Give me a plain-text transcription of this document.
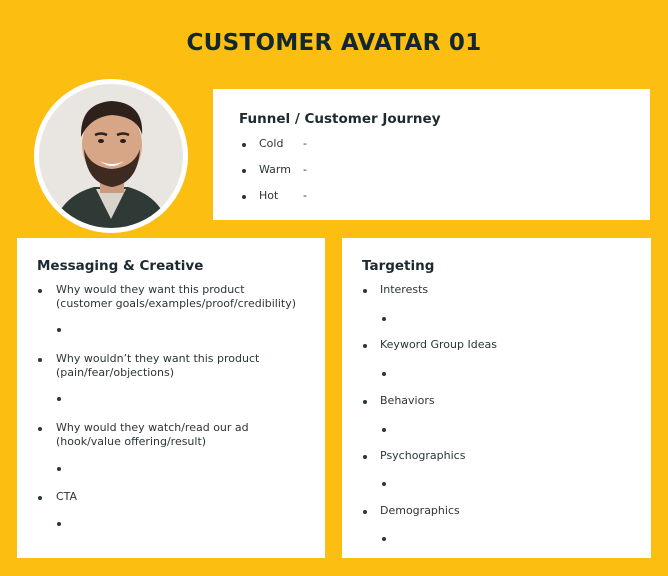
CUSTOMER AVATAR 01
Funnel / Customer Journey
Cold -
Warm -
Hot -
Messaging & Creative
Why would they want this product
(customer goals/examples/proof/credibility)
Why wouldn’t they want this product
(pain/fear/objections)
Why would they watch/read our ad
(hook/value offering/result)
CTA
Targeting
Interests
Keyword Group Ideas
Behaviors
Psychographics
Demographics
